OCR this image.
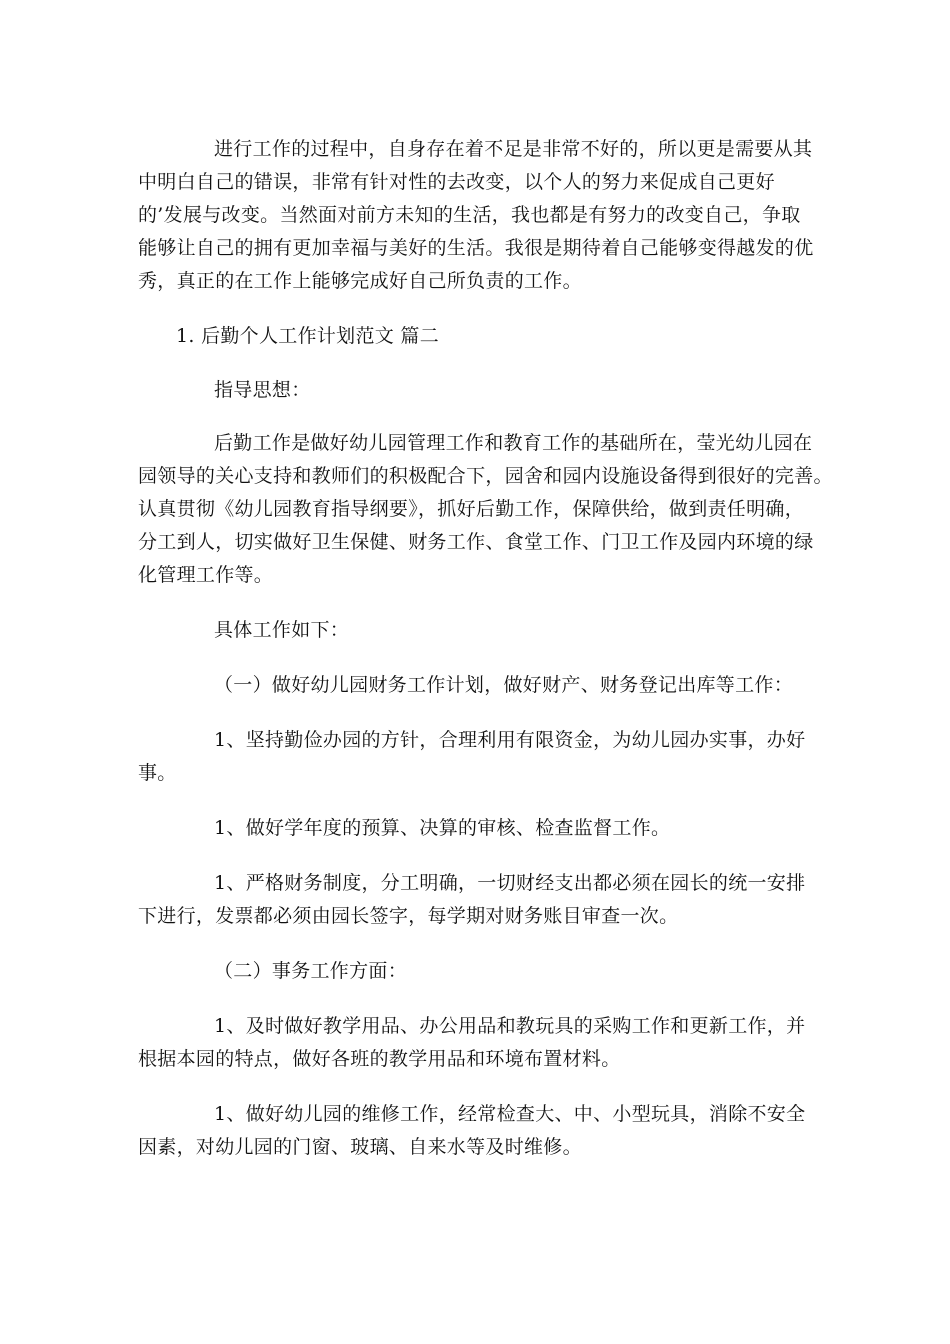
进行工作的过程中，自身存在着不足是非常不好的，所以更是需要从其
中明白自己的错误，非常有针对性的去改变，以个人的努力来促成自己更好
的’发展与改变。当然面对前方未知的生活，我也都是有努力的改变自己，争取
能够让自己的拥有更加幸福与美好的生活。我很是期待着自己能够变得越发的优
秀，真正的在工作上能够完成好自己所负责的工作。
1. 后勤个人工作计划范文 篇二
指导思想：
后勤工作是做好幼儿园管理工作和教育工作的基础所在，莹光幼儿园在
园领导的关心支持和教师们的积极配合下，园舍和园内设施设备得到很好的完善。
认真贯彻《幼儿园教育指导纲要》，抓好后勤工作，保障供给，做到责任明确，
分工到人，切实做好卫生保健、财务工作、食堂工作、门卫工作及园内环境的绿
化管理工作等。
具体工作如下：
（一）做好幼儿园财务工作计划，做好财产、财务登记出库等工作：
1、坚持勤俭办园的方针，合理利用有限资金，为幼儿园办实事，办好
事。
1、做好学年度的预算、决算的审核、检查监督工作。
1、严格财务制度，分工明确，一切财经支出都必须在园长的统一安排
下进行，发票都必须由园长签字，每学期对财务账目审查一次。
（二）事务工作方面：
1、及时做好教学用品、办公用品和教玩具的采购工作和更新工作，并
根据本园的特点，做好各班的教学用品和环境布置材料。
1、做好幼儿园的维修工作，经常检查大、中、小型玩具，消除不安全
因素，对幼儿园的门窗、玻璃、自来水等及时维修。
